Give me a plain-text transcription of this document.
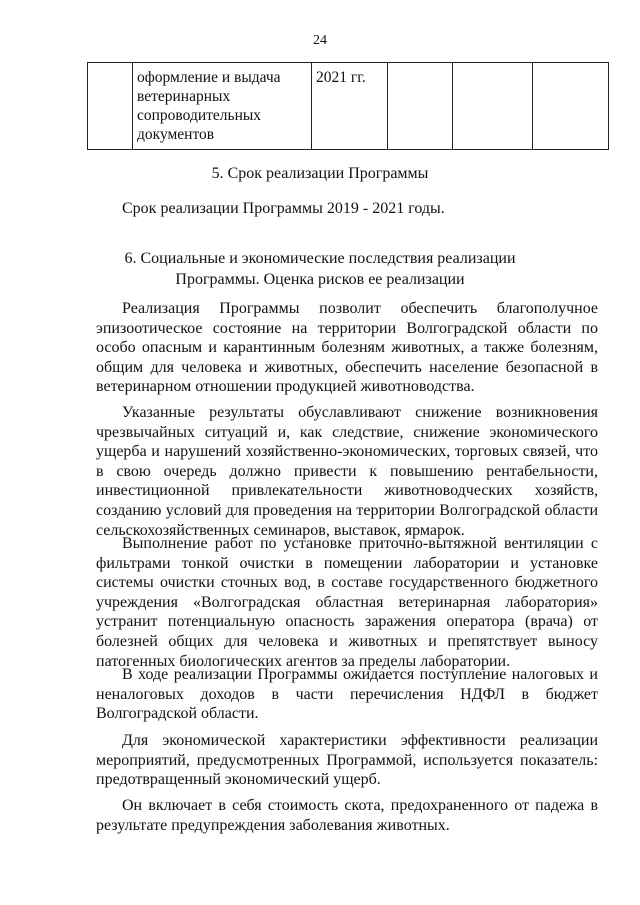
24
	оформление и выдача ветеринарных сопроводительных документов	2021 гг.			
5. Срок реализации Программы
Срок реализации Программы 2019 - 2021 годы.
6. Социальные и экономические последствия реализации
Программы. Оценка рисков ее реализации

Реализация Программы позволит обеспечить благополучное эпизоотическое состояние на территории Волгоградской области по особо опасным и карантинным болезням животных, а также болезням, общим для человека и животных, обеспечить население безопасной в ветеринарном отношении продукцией животноводства.

Указанные результаты обуславливают снижение возникновения чрезвычайных ситуаций и, как следствие, снижение экономического ущерба и нарушений хозяйственно-экономических, торговых связей, что в свою очередь должно привести к повышению рентабельности, инвестиционной привлекательности животноводческих хозяйств, созданию условий для проведения на территории Волгоградской области сельскохозяйственных семинаров, выставок, ярмарок.

Выполнение работ по установке приточно-вытяжной вентиляции с фильтрами тонкой очистки в помещении лаборатории и установке системы очистки сточных вод, в составе государственного бюджетного учреждения «Волгоградская областная ветеринарная лаборатория» устранит потенциальную опасность заражения оператора (врача) от болезней общих для человека и животных и препятствует выносу патогенных биологических агентов за пределы лаборатории.

В ходе реализации Программы ожидается поступление налоговых и неналоговых доходов в части перечисления НДФЛ в бюджет Волгоградской области.

Для экономической характеристики эффективности реализации мероприятий, предусмотренных Программой, используется показатель: предотвращенный экономический ущерб.

Он включает в себя стоимость скота, предохраненного от падежа в результате предупреждения заболевания животных.
